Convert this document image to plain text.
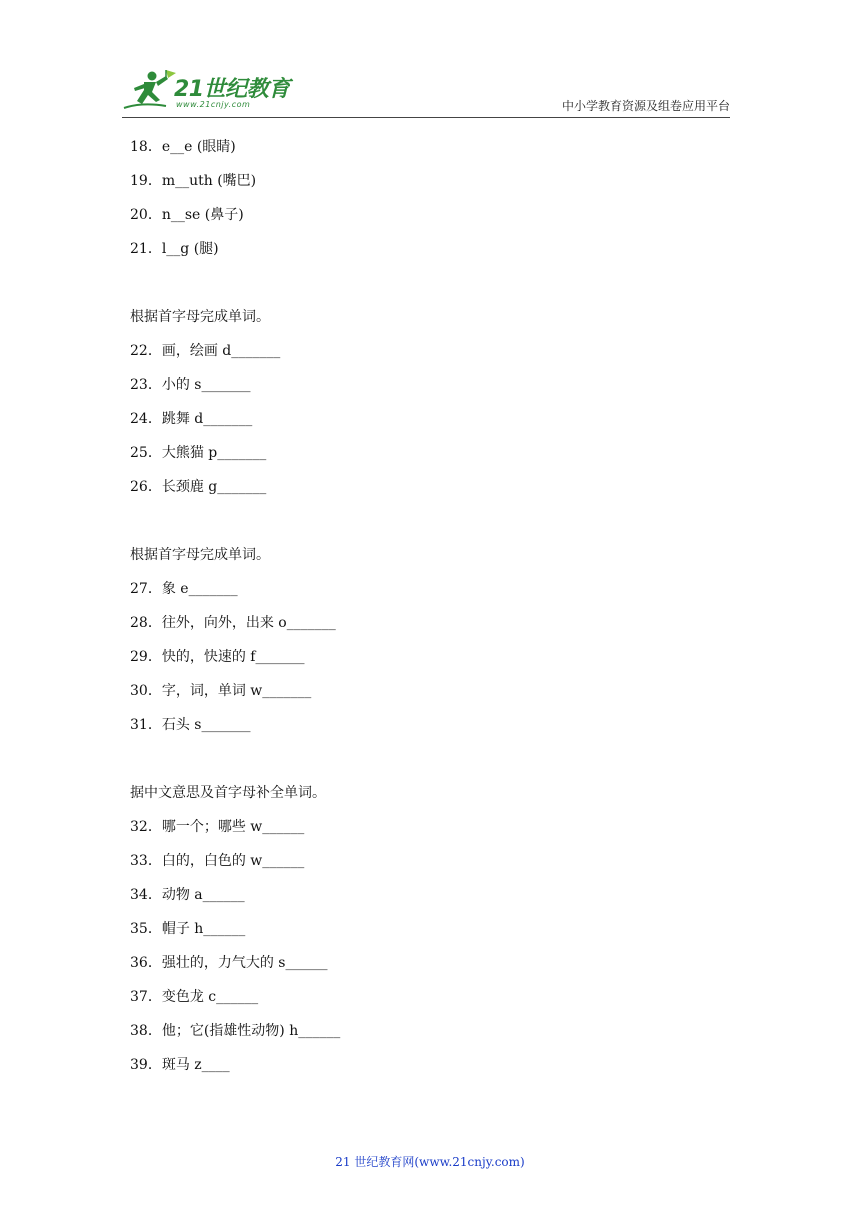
21世纪教育
www.21cnjy.com	中小学教育资源及组卷应用平台
18．e__e (眼睛)
19．m__uth (嘴巴)
20．n__se (鼻子)
21．l__g (腿)
根据首字母完成单词。
22．画，绘画 d_______
23．小的 s_______
24．跳舞 d_______
25．大熊猫 p_______
26．长颈鹿 g_______
根据首字母完成单词。
27．象 e_______
28．往外，向外，出来 o_______
29．快的，快速的 f_______
30．字，词，单词 w_______
31．石头 s_______
据中文意思及首字母补全单词。
32．哪一个；哪些 w______
33．白的，白色的 w______
34．动物 a______
35．帽子 h______
36．强壮的，力气大的 s______
37．变色龙 c______
38．他；它(指雄性动物) h______
39．斑马 z____
21 世纪教育网(www.21cnjy.com)
